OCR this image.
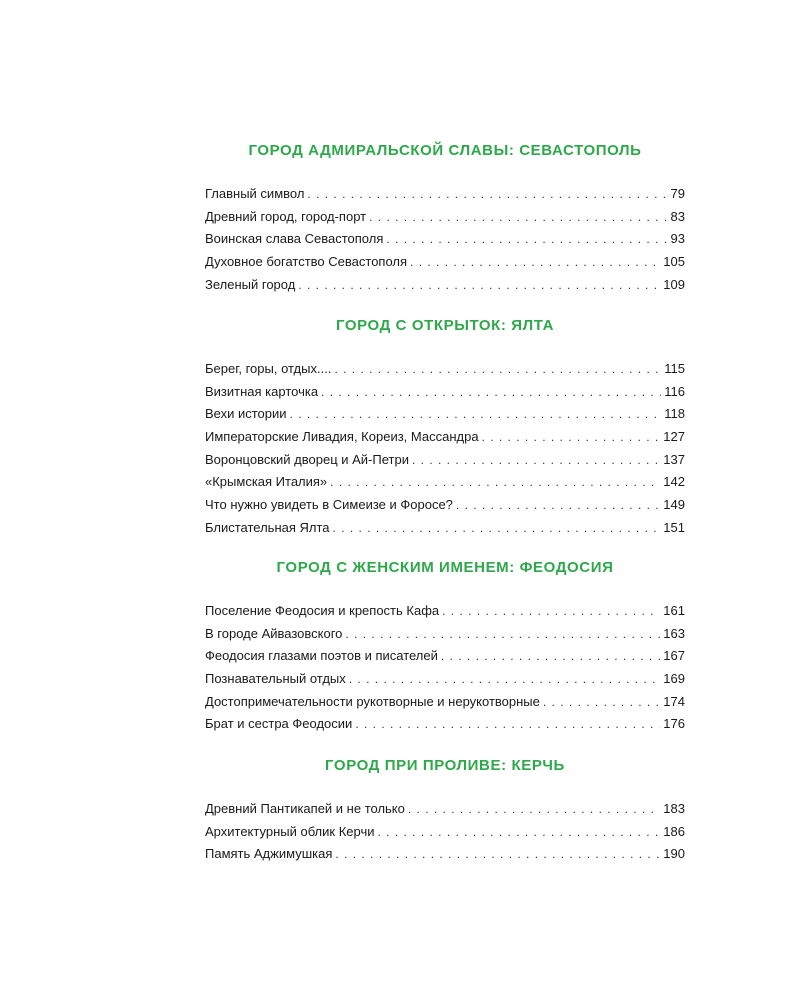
ГОРОД АДМИРАЛЬСКОЙ СЛАВЫ: СЕВАСТОПОЛЬ
Главный символ . . .	79
Древний город, город-порт . . .	83
Воинская слава Севастополя . . .	93
Духовное богатство Севастополя . . .	105
Зеленый город . . .	109
ГОРОД С ОТКРЫТОК: ЯЛТА
Берег, горы, отдых.... . . .	115
Визитная карточка . . .	116
Вехи истории . . .	118
Императорские Ливадия, Кореиз, Массандра . . .	127
Воронцовский дворец и Ай-Петри . . .	137
«Крымская Италия» . . .	142
Что нужно увидеть в Симеизе и Форосе? . . .	149
Блистательная Ялта . . .	151
ГОРОД С ЖЕНСКИМ ИМЕНЕМ: ФЕОДОСИЯ
Поселение Феодосия и крепость Кафа . . .	161
В городе Айвазовского . . .	163
Феодосия глазами поэтов и писателей . . .	167
Познавательный отдых . . .	169
Достопримечательности рукотворные и нерукотворные . . .	174
Брат и сестра Феодосии . . .	176
ГОРОД ПРИ ПРОЛИВЕ: КЕРЧЬ
Древний Пантикапей и не только . . .	183
Архитектурный облик Керчи . . .	186
Память Аджимушкая . . .	190
